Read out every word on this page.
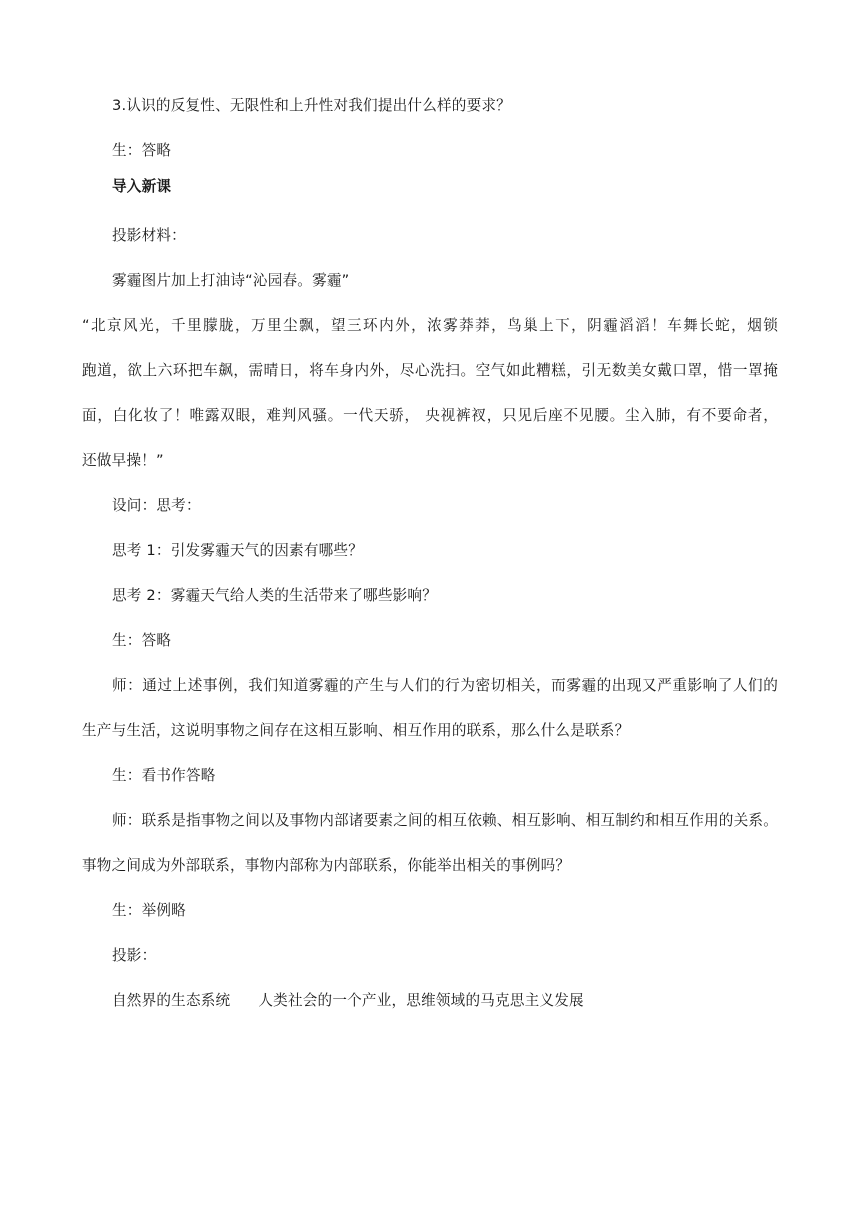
3.认识的反复性、无限性和上升性对我们提出什么样的要求？
生：答略
导入新课
投影材料：
雾霾图片加上打油诗“沁园春。雾霾”
“北京风光，千里朦胧，万里尘飘，望三环内外，浓雾莽莽，鸟巢上下，阴霾滔滔！车舞长蛇，烟锁
跑道，欲上六环把车飙，需晴日，将车身内外，尽心洗扫。空气如此糟糕，引无数美女戴口罩，惜一罩掩
面，白化妆了！唯露双眼，难判风骚。一代天骄， 央视裤衩，只见后座不见腰。尘入肺，有不要命者，
还做早操！”
设问：思考：
思考 1：引发雾霾天气的因素有哪些？
思考 2：雾霾天气给人类的生活带来了哪些影响？
生：答略
师：通过上述事例，我们知道雾霾的产生与人们的行为密切相关，而雾霾的出现又严重影响了人们的
生产与生活，这说明事物之间存在这相互影响、相互作用的联系，那么什么是联系？
生：看书作答略
师：联系是指事物之间以及事物内部诸要素之间的相互依赖、相互影响、相互制约和相互作用的关系。
事物之间成为外部联系，事物内部称为内部联系，你能举出相关的事例吗？
生：举例略
投影：
自然界的生态系统 人类社会的一个产业，思维领域的马克思主义发展
